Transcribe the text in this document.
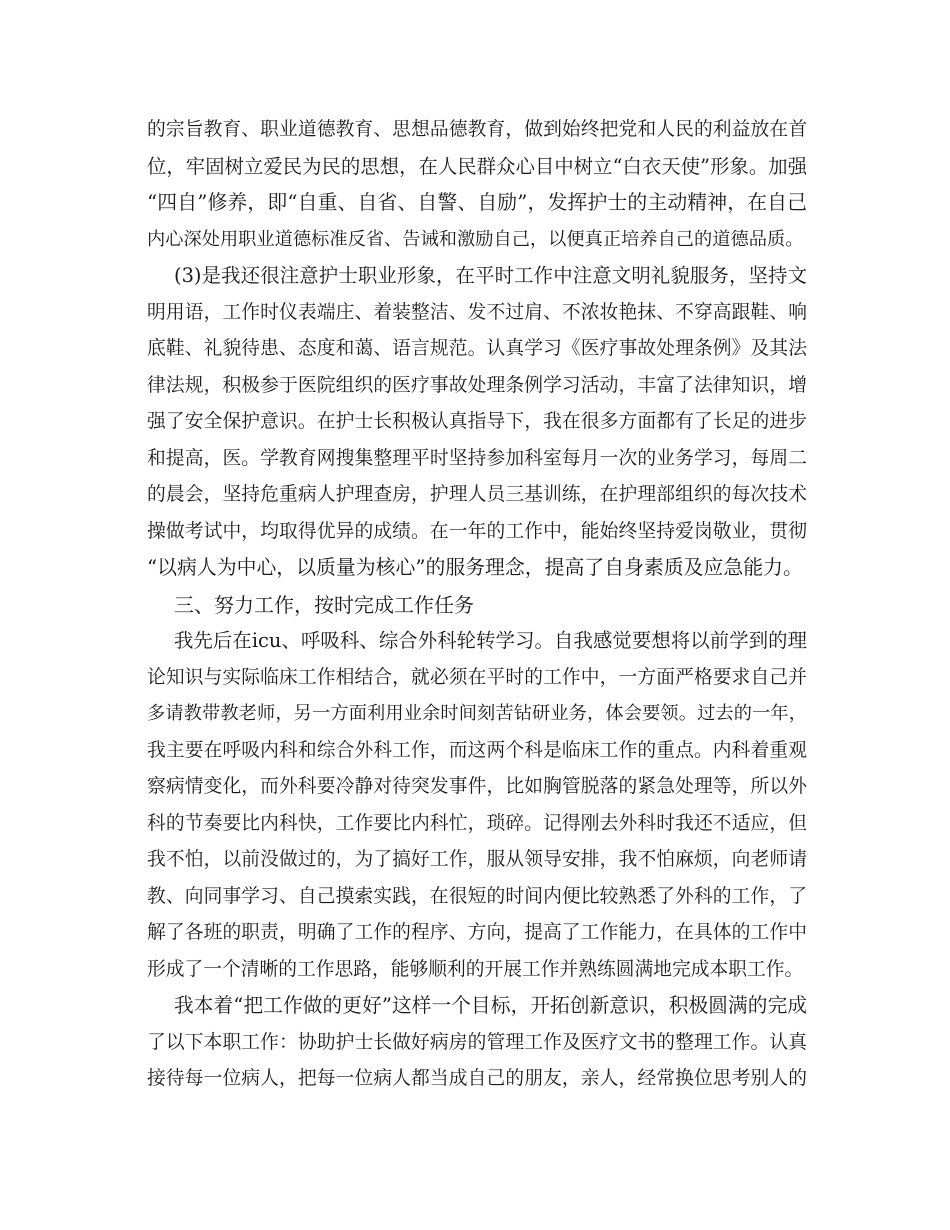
的宗旨教育、职业道德教育、思想品德教育，做到始终把党和人民的利益放在首
位，牢固树立爱民为民的思想，在人民群众心目中树立“白衣天使”形象。加强
“四自”修养，即“自重、自省、自警、自励”，发挥护士的主动精神，在自己
内心深处用职业道德标准反省、告诫和激励自己，以便真正培养自己的道德品质。
(3)是我还很注意护士职业形象，在平时工作中注意文明礼貌服务，坚持文
明用语，工作时仪表端庄、着装整洁、发不过肩、不浓妆艳抹、不穿高跟鞋、响
底鞋、礼貌待患、态度和蔼、语言规范。认真学习《医疗事故处理条例》及其法
律法规，积极参于医院组织的医疗事故处理条例学习活动，丰富了法律知识，增
强了安全保护意识。在护士长积极认真指导下，我在很多方面都有了长足的进步
和提高，医。学教育网搜集整理平时坚持参加科室每月一次的业务学习，每周二
的晨会，坚持危重病人护理查房，护理人员三基训练，在护理部组织的每次技术
操做考试中，均取得优异的成绩。在一年的工作中，能始终坚持爱岗敬业，贯彻
“以病人为中心，以质量为核心”的服务理念，提高了自身素质及应急能力。
三、努力工作，按时完成工作任务
我先后在icu、呼吸科、综合外科轮转学习。自我感觉要想将以前学到的理
论知识与实际临床工作相结合，就必须在平时的工作中，一方面严格要求自己并
多请教带教老师，另一方面利用业余时间刻苦钻研业务，体会要领。过去的一年，
我主要在呼吸内科和综合外科工作，而这两个科是临床工作的重点。内科着重观
察病情变化，而外科要冷静对待突发事件，比如胸管脱落的紧急处理等，所以外
科的节奏要比内科快，工作要比内科忙，琐碎。记得刚去外科时我还不适应，但
我不怕，以前没做过的，为了搞好工作，服从领导安排，我不怕麻烦，向老师请
教、向同事学习、自己摸索实践，在很短的时间内便比较熟悉了外科的工作，了
解了各班的职责，明确了工作的程序、方向，提高了工作能力，在具体的工作中
形成了一个清晰的工作思路，能够顺利的开展工作并熟练圆满地完成本职工作。
我本着“把工作做的更好”这样一个目标，开拓创新意识，积极圆满的完成
了以下本职工作：协助护士长做好病房的管理工作及医疗文书的整理工作。认真
接待每一位病人，把每一位病人都当成自己的朋友，亲人，经常换位思考别人的
